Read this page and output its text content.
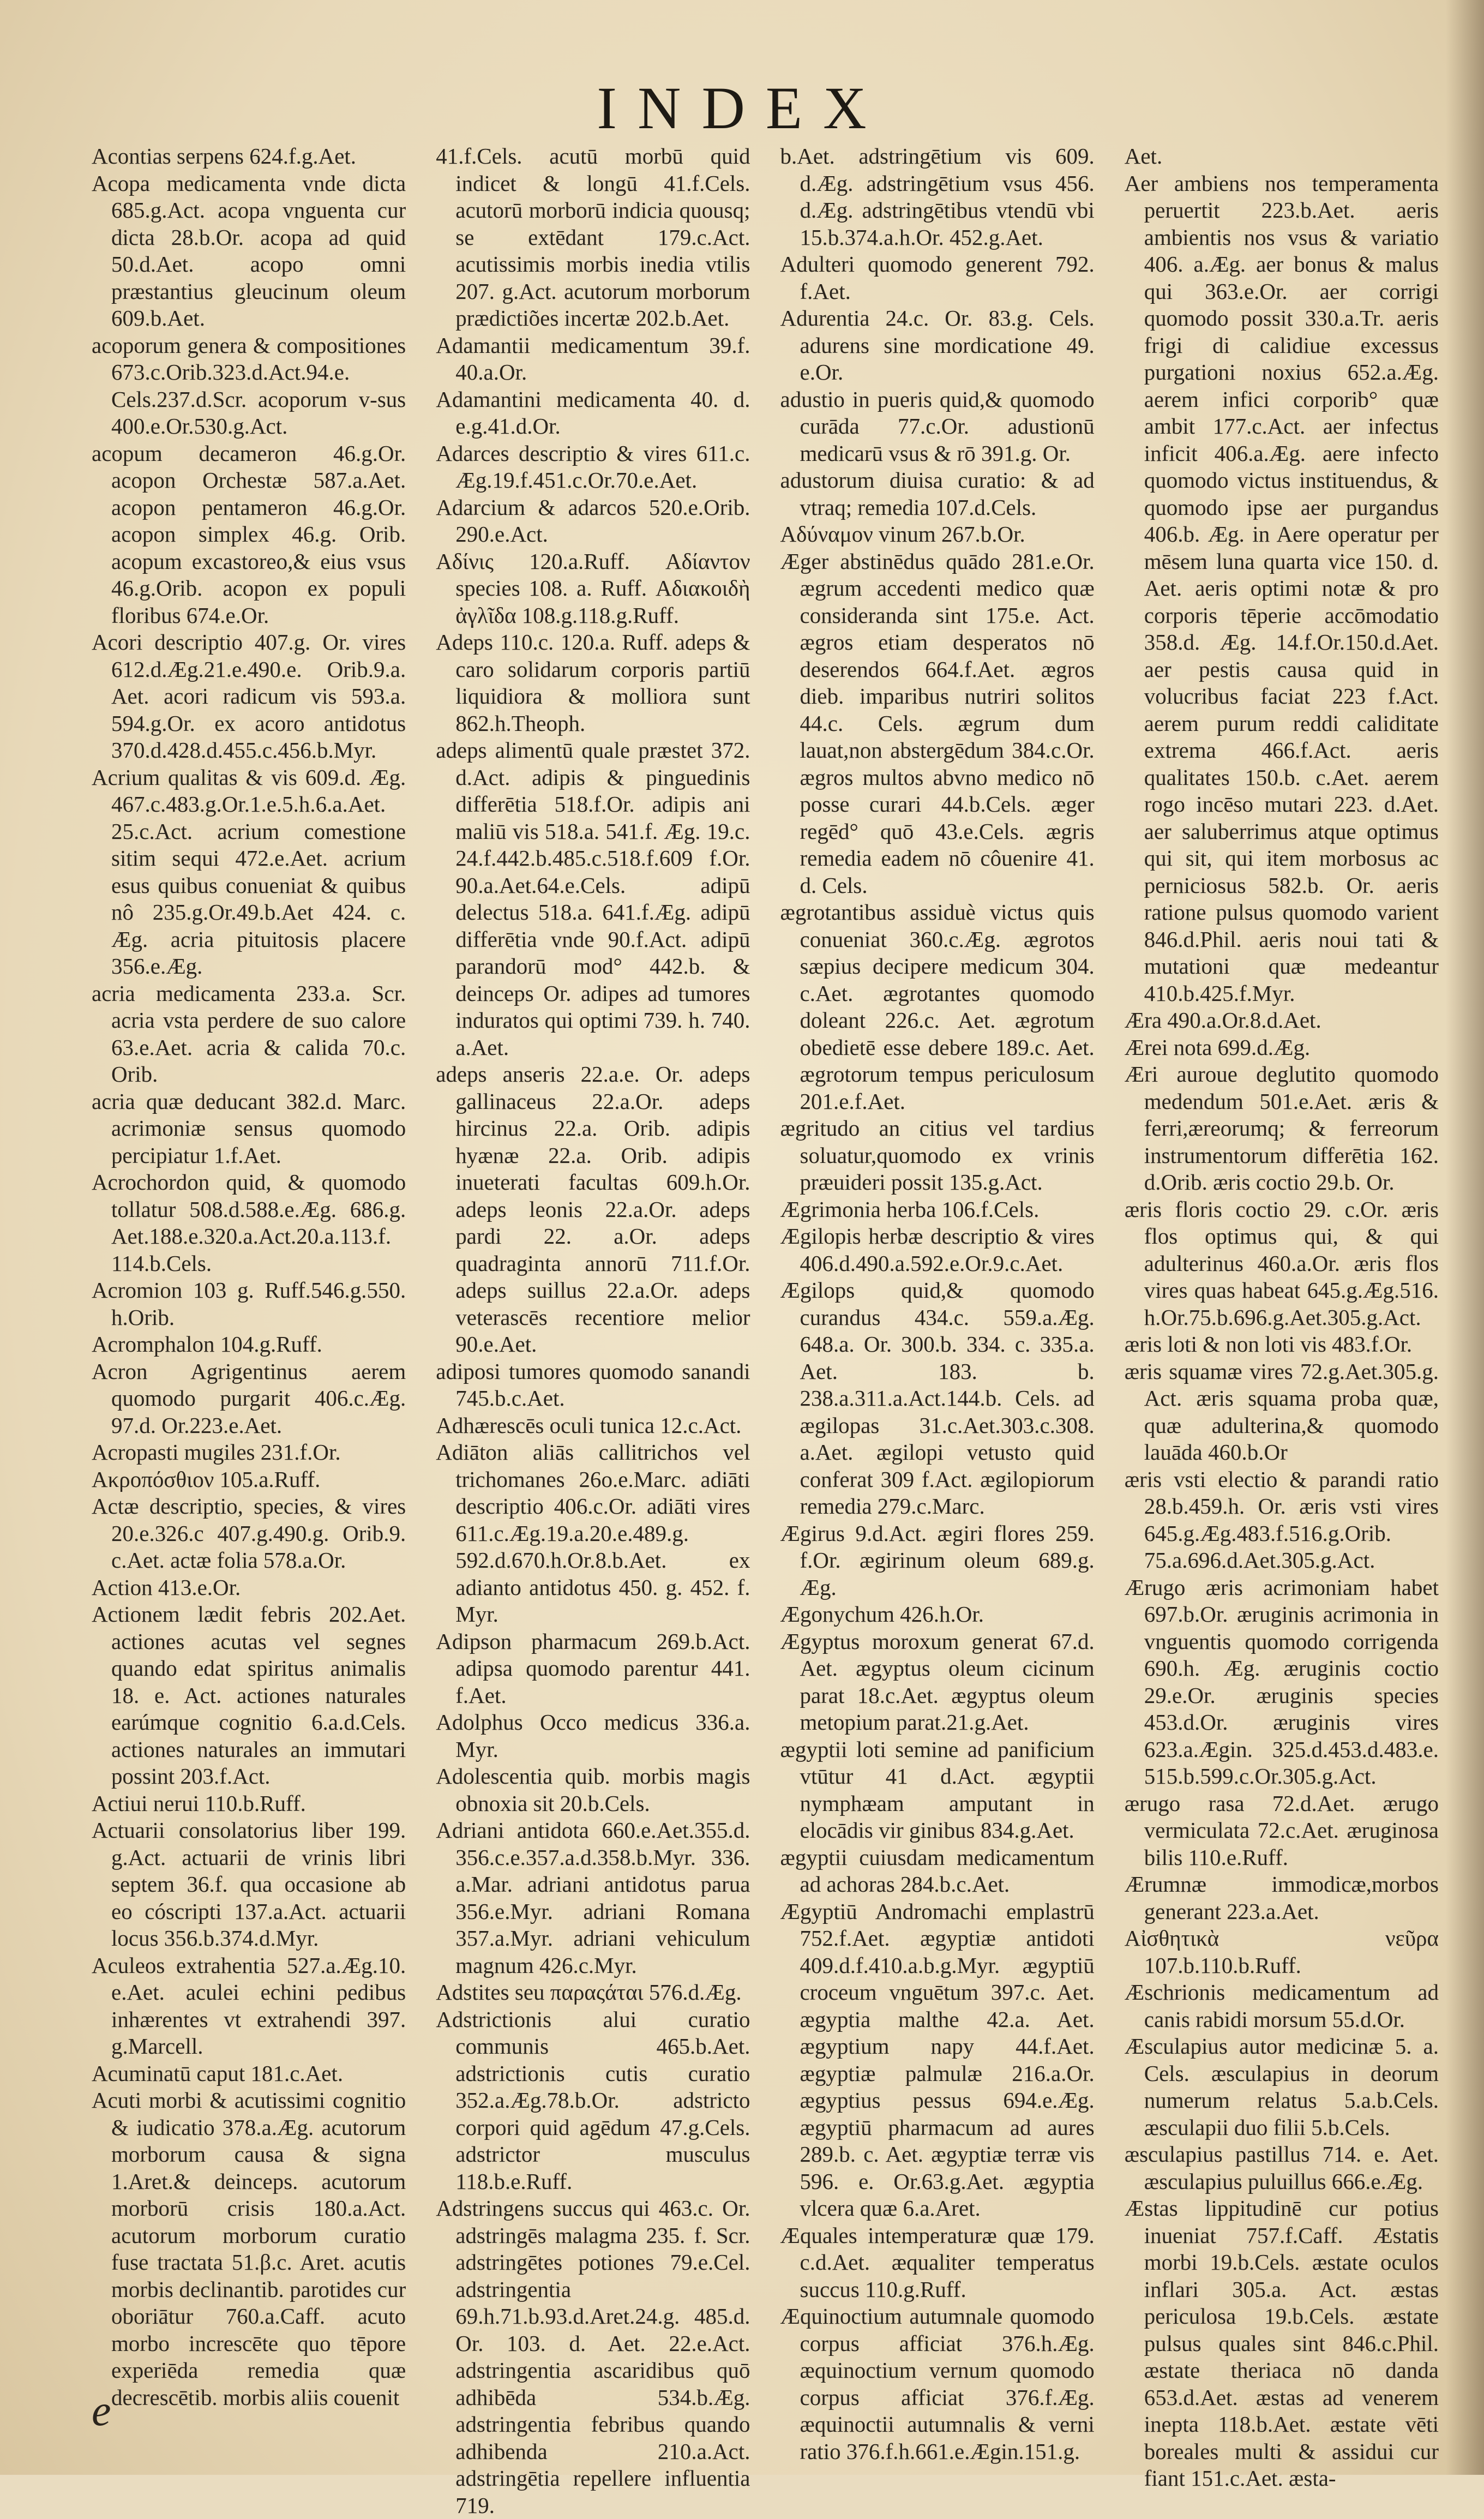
INDEX

Acontias serpens 624.f.g.Aet.

Acopa medicamenta vnde dicta 685.g.Act. acopa vnguenta cur dicta 28.b.Or. acopa ad quid 50.d.Aet. acopo omni præstantius gleucinum oleum 609.b.Aet.

acoporum genera & compositiones 673.c.Orib.323.d.Act.94.e. Cels.237.d.Scr. acoporum v-sus 400.e.Or.530.g.Act.

acopum decameron 46.g.Or. acopon Orchestæ 587.a.Aet. acopon pentameron 46.g.Or. acopon simplex 46.g. Orib. acopum excastoreo,& eius vsus 46.g.Orib. acopon ex populi floribus 674.e.Or.

Acori descriptio 407.g. Or. vires 612.d.Æg.21.e.490.e. Orib.9.a. Aet. acori radicum vis 593.a. 594.g.Or. ex acoro antidotus 370.d.428.d.455.c.456.b.Myr.

Acrium qualitas & vis 609.d. Æg. 467.c.483.g.Or.1.e.5.h.6.a.Aet. 25.c.Act. acrium comestione sitim sequi 472.e.Aet. acrium esus quibus conueniat & quibus nô 235.g.Or.49.b.Aet 424. c. Æg. acria pituitosis placere 356.e.Æg.

acria medicamenta 233.a. Scr. acria vsta perdere de suo calore 63.e.Aet. acria & calida 70.c. Orib.

acria quæ deducant 382.d. Marc. acrimoniæ sensus quomodo percipiatur 1.f.Aet.

Acrochordon quid, & quomodo tollatur 508.d.588.e.Æg. 686.g. Aet.188.e.320.a.Act.20.a.113.f. 114.b.Cels.

Acromion 103 g. Ruff.546.g.550. h.Orib.

Acromphalon 104.g.Ruff.

Acron Agrigentinus aerem quomodo purgarit 406.c.Æg. 97.d. Or.223.e.Aet.

Acropasti mugiles 231.f.Or.

Ακροπόσθιον 105.a.Ruff.

Actæ descriptio, species, & vires 20.e.326.c 407.g.490.g. Orib.9. c.Aet. actæ folia 578.a.Or.

Action 413.e.Or.

Actionem lædit febris 202.Aet. actiones acutas vel segnes quando edat spiritus animalis 18. e. Act. actiones naturales earúmque cognitio 6.a.d.Cels. actiones naturales an immutari possint 203.f.Act.

Actiui nerui 110.b.Ruff.

Actuarii consolatorius liber 199. g.Act. actuarii de vrinis libri septem 36.f. qua occasione ab eo cóscripti 137.a.Act. actuarii locus 356.b.374.d.Myr.

Aculeos extrahentia 527.a.Æg.10. e.Aet. aculei echini pedibus inhærentes vt extrahendi 397. g.Marcell.

Acuminatū caput 181.c.Aet.

Acuti morbi & acutissimi cognitio & iudicatio 378.a.Æg. acutorum morborum causa & signa 1.Aret.& deinceps. acutorum morborū crisis 180.a.Act. acutorum morborum curatio fuse tractata 51.β.c. Aret. acutis morbis declinantib. parotides cur oboriātur 760.a.Caff. acuto morbo increscēte quo tēpore experiēda remedia quæ decrescētib. morbis aliis couenit

41.f.Cels. acutū morbū quid indicet & longū 41.f.Cels. acutorū morborū indicia quousq; se extēdant 179.c.Act. acutissimis morbis inedia vtilis 207. g.Act. acutorum morborum prædictiões incertæ 202.b.Aet.

Adamantii medicamentum 39.f. 40.a.Or.

Adamantini medicamenta 40. d. e.g.41.d.Or.

Adarces descriptio & vires 611.c. Æg.19.f.451.c.Or.70.e.Aet.

Adarcium & adarcos 520.e.Orib. 290.e.Act.

Αδίνις 120.a.Ruff. Αδίαντον species 108. a. Ruff. Αδιακοιδὴ ἀγλῖδα 108.g.118.g.Ruff.

Adeps 110.c. 120.a. Ruff. adeps & caro solidarum corporis partiū liquidiora & molliora sunt 862.h.Theoph.

adeps alimentū quale præstet 372. d.Act. adipis & pinguedinis differētia 518.f.Or. adipis ani maliū vis 518.a. 541.f. Æg. 19.c. 24.f.442.b.485.c.518.f.609 f.Or. 90.a.Aet.64.e.Cels. adipū delectus 518.a. 641.f.Æg. adipū differētia vnde 90.f.Act. adipū parandorū mod° 442.b. & deinceps Or. adipes ad tumores induratos qui optimi 739. h. 740. a.Aet.

adeps anseris 22.a.e. Or. adeps gallinaceus 22.a.Or. adeps hircinus 22.a. Orib. adipis hyænæ 22.a. Orib. adipis inueterati facultas 609.h.Or. adeps leonis 22.a.Or. adeps pardi 22. a.Or. adeps quadraginta annorū 711.f.Or. adeps suillus 22.a.Or. adeps veterascēs recentiore melior 90.e.Aet.

adiposi tumores quomodo sanandi 745.b.c.Aet.

Adhærescēs oculi tunica 12.c.Act.

Adiāton aliās callitrichos vel trichomanes 26o.e.Marc. adiāti descriptio 406.c.Or. adiāti vires 611.c.Æg.19.a.20.e.489.g. 592.d.670.h.Or.8.b.Aet. ex adianto antidotus 450. g. 452. f. Myr.

Adipson pharmacum 269.b.Act. adipsa quomodo parentur 441. f.Aet.

Adolphus Occo medicus 336.a. Myr.

Adolescentia quib. morbis magis obnoxia sit 20.b.Cels.

Adriani antidota 660.e.Aet.355.d. 356.c.e.357.a.d.358.b.Myr. 336. a.Mar. adriani antidotus parua 356.e.Myr. adriani Romana 357.a.Myr. adriani vehiculum magnum 426.c.Myr.

Adstites seu παραςάται 576.d.Æg.

Adstrictionis alui curatio communis 465.b.Aet. adstrictionis cutis curatio 352.a.Æg.78.b.Or. adstricto corpori quid agēdum 47.g.Cels. adstrictor musculus 118.b.e.Ruff.

Adstringens succus qui 463.c. Or. adstringēs malagma 235. f. Scr. adstringētes potiones 79.e.Cel. adstringentia 69.h.71.b.93.d.Aret.24.g. 485.d. Or. 103. d. Aet. 22.e.Act. adstringentia ascaridibus quō adhibēda 534.b.Æg. adstringentia febribus quando adhibenda 210.a.Act. adstringētia repellere influentia 719.

b.Aet. adstringētium vis 609. d.Æg. adstringētium vsus 456. d.Æg. adstringētibus vtendū vbi 15.b.374.a.h.Or. 452.g.Aet.

Adulteri quomodo generent 792. f.Aet.

Adurentia 24.c. Or. 83.g. Cels. adurens sine mordicatione 49. e.Or.

adustio in pueris quid,& quomodo curāda 77.c.Or. adustionū medicarū vsus & rō 391.g. Or.

adustorum diuisa curatio: & ad vtraq; remedia 107.d.Cels.

Αδύναμον vinum 267.b.Or.

Æger abstinēdus quādo 281.e.Or. ægrum accedenti medico quæ consideranda sint 175.e. Act. ægros etiam desperatos nō deserendos 664.f.Aet. ægros dieb. imparibus nutriri solitos 44.c. Cels. ægrum dum lauat,non abstergēdum 384.c.Or. ægros multos abvno medico nō posse curari 44.b.Cels. æger regēd° quō 43.e.Cels. ægris remedia eadem nō côuenire 41. d. Cels.

ægrotantibus assiduè victus quis conueniat 360.c.Æg. ægrotos sæpius decipere medicum 304. c.Aet. ægrotantes quomodo doleant 226.c. Aet. ægrotum obedietē esse debere 189.c. Aet. ægrotorum tempus periculosum 201.e.f.Aet.

ægritudo an citius vel tardius soluatur,quomodo ex vrinis præuideri possit 135.g.Act.

Ægrimonia herba 106.f.Cels.

Ægilopis herbæ descriptio & vires 406.d.490.a.592.e.Or.9.c.Aet.

Ægilops quid,& quomodo curandus 434.c. 559.a.Æg. 648.a. Or. 300.b. 334. c. 335.a. Aet. 183. b. 238.a.311.a.Act.144.b. Cels. ad ægilopas 31.c.Aet.303.c.308. a.Aet. ægilopi vetusto quid conferat 309 f.Act. ægilopiorum remedia 279.c.Marc.

Ægirus 9.d.Act. ægiri flores 259. f.Or. ægirinum oleum 689.g. Æg.

Ægonychum 426.h.Or.

Ægyptus moroxum generat 67.d. Aet. ægyptus oleum cicinum parat 18.c.Aet. ægyptus oleum metopium parat.21.g.Aet.

ægyptii loti semine ad panificium vtūtur 41 d.Act. ægyptii nymphæam amputant in elocādis vir ginibus 834.g.Aet.

ægyptii cuiusdam medicamentum ad achoras 284.b.c.Aet.

Ægyptiū Andromachi emplastrū 752.f.Aet. ægyptiæ antidoti 409.d.f.410.a.b.g.Myr. ægyptiū croceum vnguētum 397.c. Aet. ægyptia malthe 42.a. Aet. ægyptium napy 44.f.Aet. ægyptiæ palmulæ 216.a.Or. ægyptius pessus 694.e.Æg. ægyptiū pharmacum ad aures 289.b. c. Aet. ægyptiæ terræ vis 596. e. Or.63.g.Aet. ægyptia vlcera quæ 6.a.Aret.

Æquales intemperaturæ quæ 179. c.d.Aet. æqualiter temperatus succus 110.g.Ruff.

Æquinoctium autumnale quomodo corpus afficiat 376.h.Æg. æquinoctium vernum quomodo corpus afficiat 376.f.Æg. æquinoctii autumnalis & verni ratio 376.f.h.661.e.Ægin.151.g.

Aet.

Aer ambiens nos temperamenta peruertit 223.b.Aet. aeris ambientis nos vsus & variatio 406. a.Æg. aer bonus & malus qui 363.e.Or. aer corrigi quomodo possit 330.a.Tr. aeris frigi di calidiue excessus purgationi noxius 652.a.Æg. aerem infici corporib° quæ ambit 177.c.Act. aer infectus inficit 406.a.Æg. aere infecto quomodo victus instituendus, & quomodo ipse aer purgandus 406.b. Æg. in Aere operatur per mēsem luna quarta vice 150. d. Aet. aeris optimi notæ & pro corporis tēperie accōmodatio 358.d. Æg. 14.f.Or.150.d.Aet. aer pestis causa quid in volucribus faciat 223 f.Act. aerem purum reddi caliditate extrema 466.f.Act. aeris qualitates 150.b. c.Aet. aerem rogo incēso mutari 223. d.Aet. aer saluberrimus atque optimus qui sit, qui item morbosus ac perniciosus 582.b. Or. aeris ratione pulsus quomodo varient 846.d.Phil. aeris noui tati & mutationi quæ medeantur 410.b.425.f.Myr.

Æra 490.a.Or.8.d.Aet.

Ærei nota 699.d.Æg.

Æri auroue deglutito quomodo medendum 501.e.Aet. æris & ferri,æreorumq; & ferreorum instrumentorum differētia 162. d.Orib. æris coctio 29.b. Or.

æris floris coctio 29. c.Or. æris flos optimus qui, & qui adulterinus 460.a.Or. æris flos vires quas habeat 645.g.Æg.516. h.Or.75.b.696.g.Aet.305.g.Act.

æris loti & non loti vis 483.f.Or.

æris squamæ vires 72.g.Aet.305.g. Act. æris squama proba quæ, quæ adulterina,& quomodo lauāda 460.b.Or

æris vsti electio & parandi ratio 28.b.459.h. Or. æris vsti vires 645.g.Æg.483.f.516.g.Orib. 75.a.696.d.Aet.305.g.Act.

Ærugo æris acrimoniam habet 697.b.Or. æruginis acrimonia in vnguentis quomodo corrigenda 690.h. Æg. æruginis coctio 29.e.Or. æruginis species 453.d.Or. æruginis vires 623.a.Ægin. 325.d.453.d.483.e. 515.b.599.c.Or.305.g.Act.

ærugo rasa 72.d.Aet. ærugo vermiculata 72.c.Aet. æruginosa bilis 110.e.Ruff.

Ærumnæ immodicæ,morbos generant 223.a.Aet.

Αἰσθητικὰ νεῦρα 107.b.110.b.Ruff.

Æschrionis medicamentum ad canis rabidi morsum 55.d.Or.

Æsculapius autor medicinæ 5. a. Cels. æsculapius in deorum numerum relatus 5.a.b.Cels. æsculapii duo filii 5.b.Cels.

æsculapius pastillus 714. e. Aet. æsculapius puluillus 666.e.Æg.

Æstas lippitudinē cur potius inueniat 757.f.Caff. Æstatis morbi 19.b.Cels. æstate oculos inflari 305.a. Act. æstas periculosa 19.b.Cels. æstate pulsus quales sint 846.c.Phil. æstate theriaca nō danda 653.d.Aet. æstas ad venerem inepta 118.b.Aet. æstate vēti boreales multi & assidui cur fiant 151.c.Aet. æsta-

e
